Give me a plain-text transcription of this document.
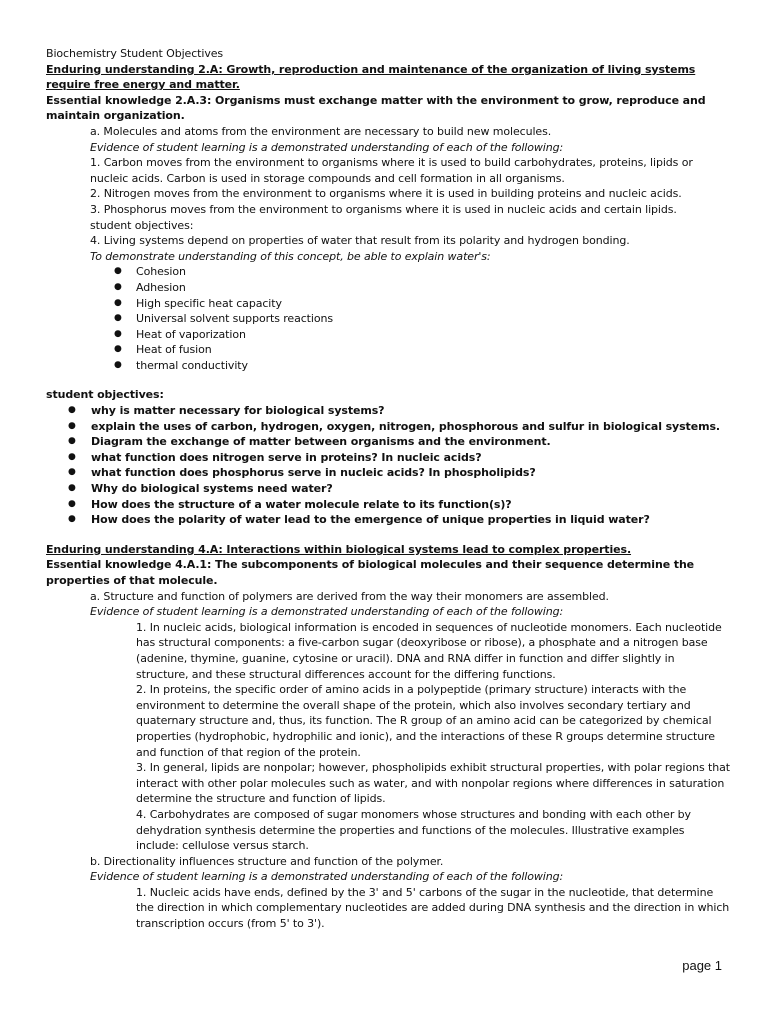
Biochemistry Student Objectives
Enduring understanding 2.A: Growth, reproduction and maintenance of the organization of living systems require free energy and matter.
Essential knowledge 2.A.3: Organisms must exchange matter with the environment to grow, reproduce and maintain organization.
a. Molecules and atoms from the environment are necessary to build new molecules.
Evidence of student learning is a demonstrated understanding of each of the following:
1. Carbon moves from the environment to organisms where it is used to build carbohydrates, proteins, lipids or nucleic acids. Carbon is used in storage compounds and cell formation in all organisms.
2. Nitrogen moves from the environment to organisms where it is used in building proteins and nucleic acids.
3. Phosphorus moves from the environment to organisms where it is used in nucleic acids and certain lipids.
student objectives:
4. Living systems depend on properties of water that result from its polarity and hydrogen bonding.
To demonstrate understanding of this concept, be able to explain water's:
● Cohesion
● Adhesion
● High specific heat capacity
● Universal solvent supports reactions
● Heat of vaporization
● Heat of fusion
● thermal conductivity
student objectives:
● why is matter necessary for biological systems?
● explain the uses of carbon, hydrogen, oxygen, nitrogen, phosphorous and sulfur in biological systems.
● Diagram the exchange of matter between organisms and the environment.
● what function does nitrogen serve in proteins? In nucleic acids?
● what function does phosphorus serve in nucleic acids? In phospholipids?
● Why do biological systems need water?
● How does the structure of a water molecule relate to its function(s)?
● How does the polarity of water lead to the emergence of unique properties in liquid water?
Enduring understanding 4.A: Interactions within biological systems lead to complex properties.
Essential knowledge 4.A.1: The subcomponents of biological molecules and their sequence determine the properties of that molecule.
a. Structure and function of polymers are derived from the way their monomers are assembled.
Evidence of student learning is a demonstrated understanding of each of the following:
1. In nucleic acids, biological information is encoded in sequences of nucleotide monomers. Each nucleotide has structural components: a five-carbon sugar (deoxyribose or ribose), a phosphate and a nitrogen base (adenine, thymine, guanine, cytosine or uracil). DNA and RNA differ in function and differ slightly in structure, and these structural differences account for the differing functions.
2. In proteins, the specific order of amino acids in a polypeptide (primary structure) interacts with the environment to determine the overall shape of the protein, which also involves secondary tertiary and quaternary structure and, thus, its function. The R group of an amino acid can be categorized by chemical properties (hydrophobic, hydrophilic and ionic), and the interactions of these R groups determine structure and function of that region of the protein.
3. In general, lipids are nonpolar; however, phospholipids exhibit structural properties, with polar regions that interact with other polar molecules such as water, and with nonpolar regions where differences in saturation determine the structure and function of lipids.
4. Carbohydrates are composed of sugar monomers whose structures and bonding with each other by dehydration synthesis determine the properties and functions of the molecules. Illustrative examples include: cellulose versus starch.
b. Directionality influences structure and function of the polymer.
Evidence of student learning is a demonstrated understanding of each of the following:
1. Nucleic acids have ends, defined by the 3' and 5' carbons of the sugar in the nucleotide, that determine the direction in which complementary nucleotides are added during DNA synthesis and the direction in which transcription occurs (from 5' to 3').
page 1
